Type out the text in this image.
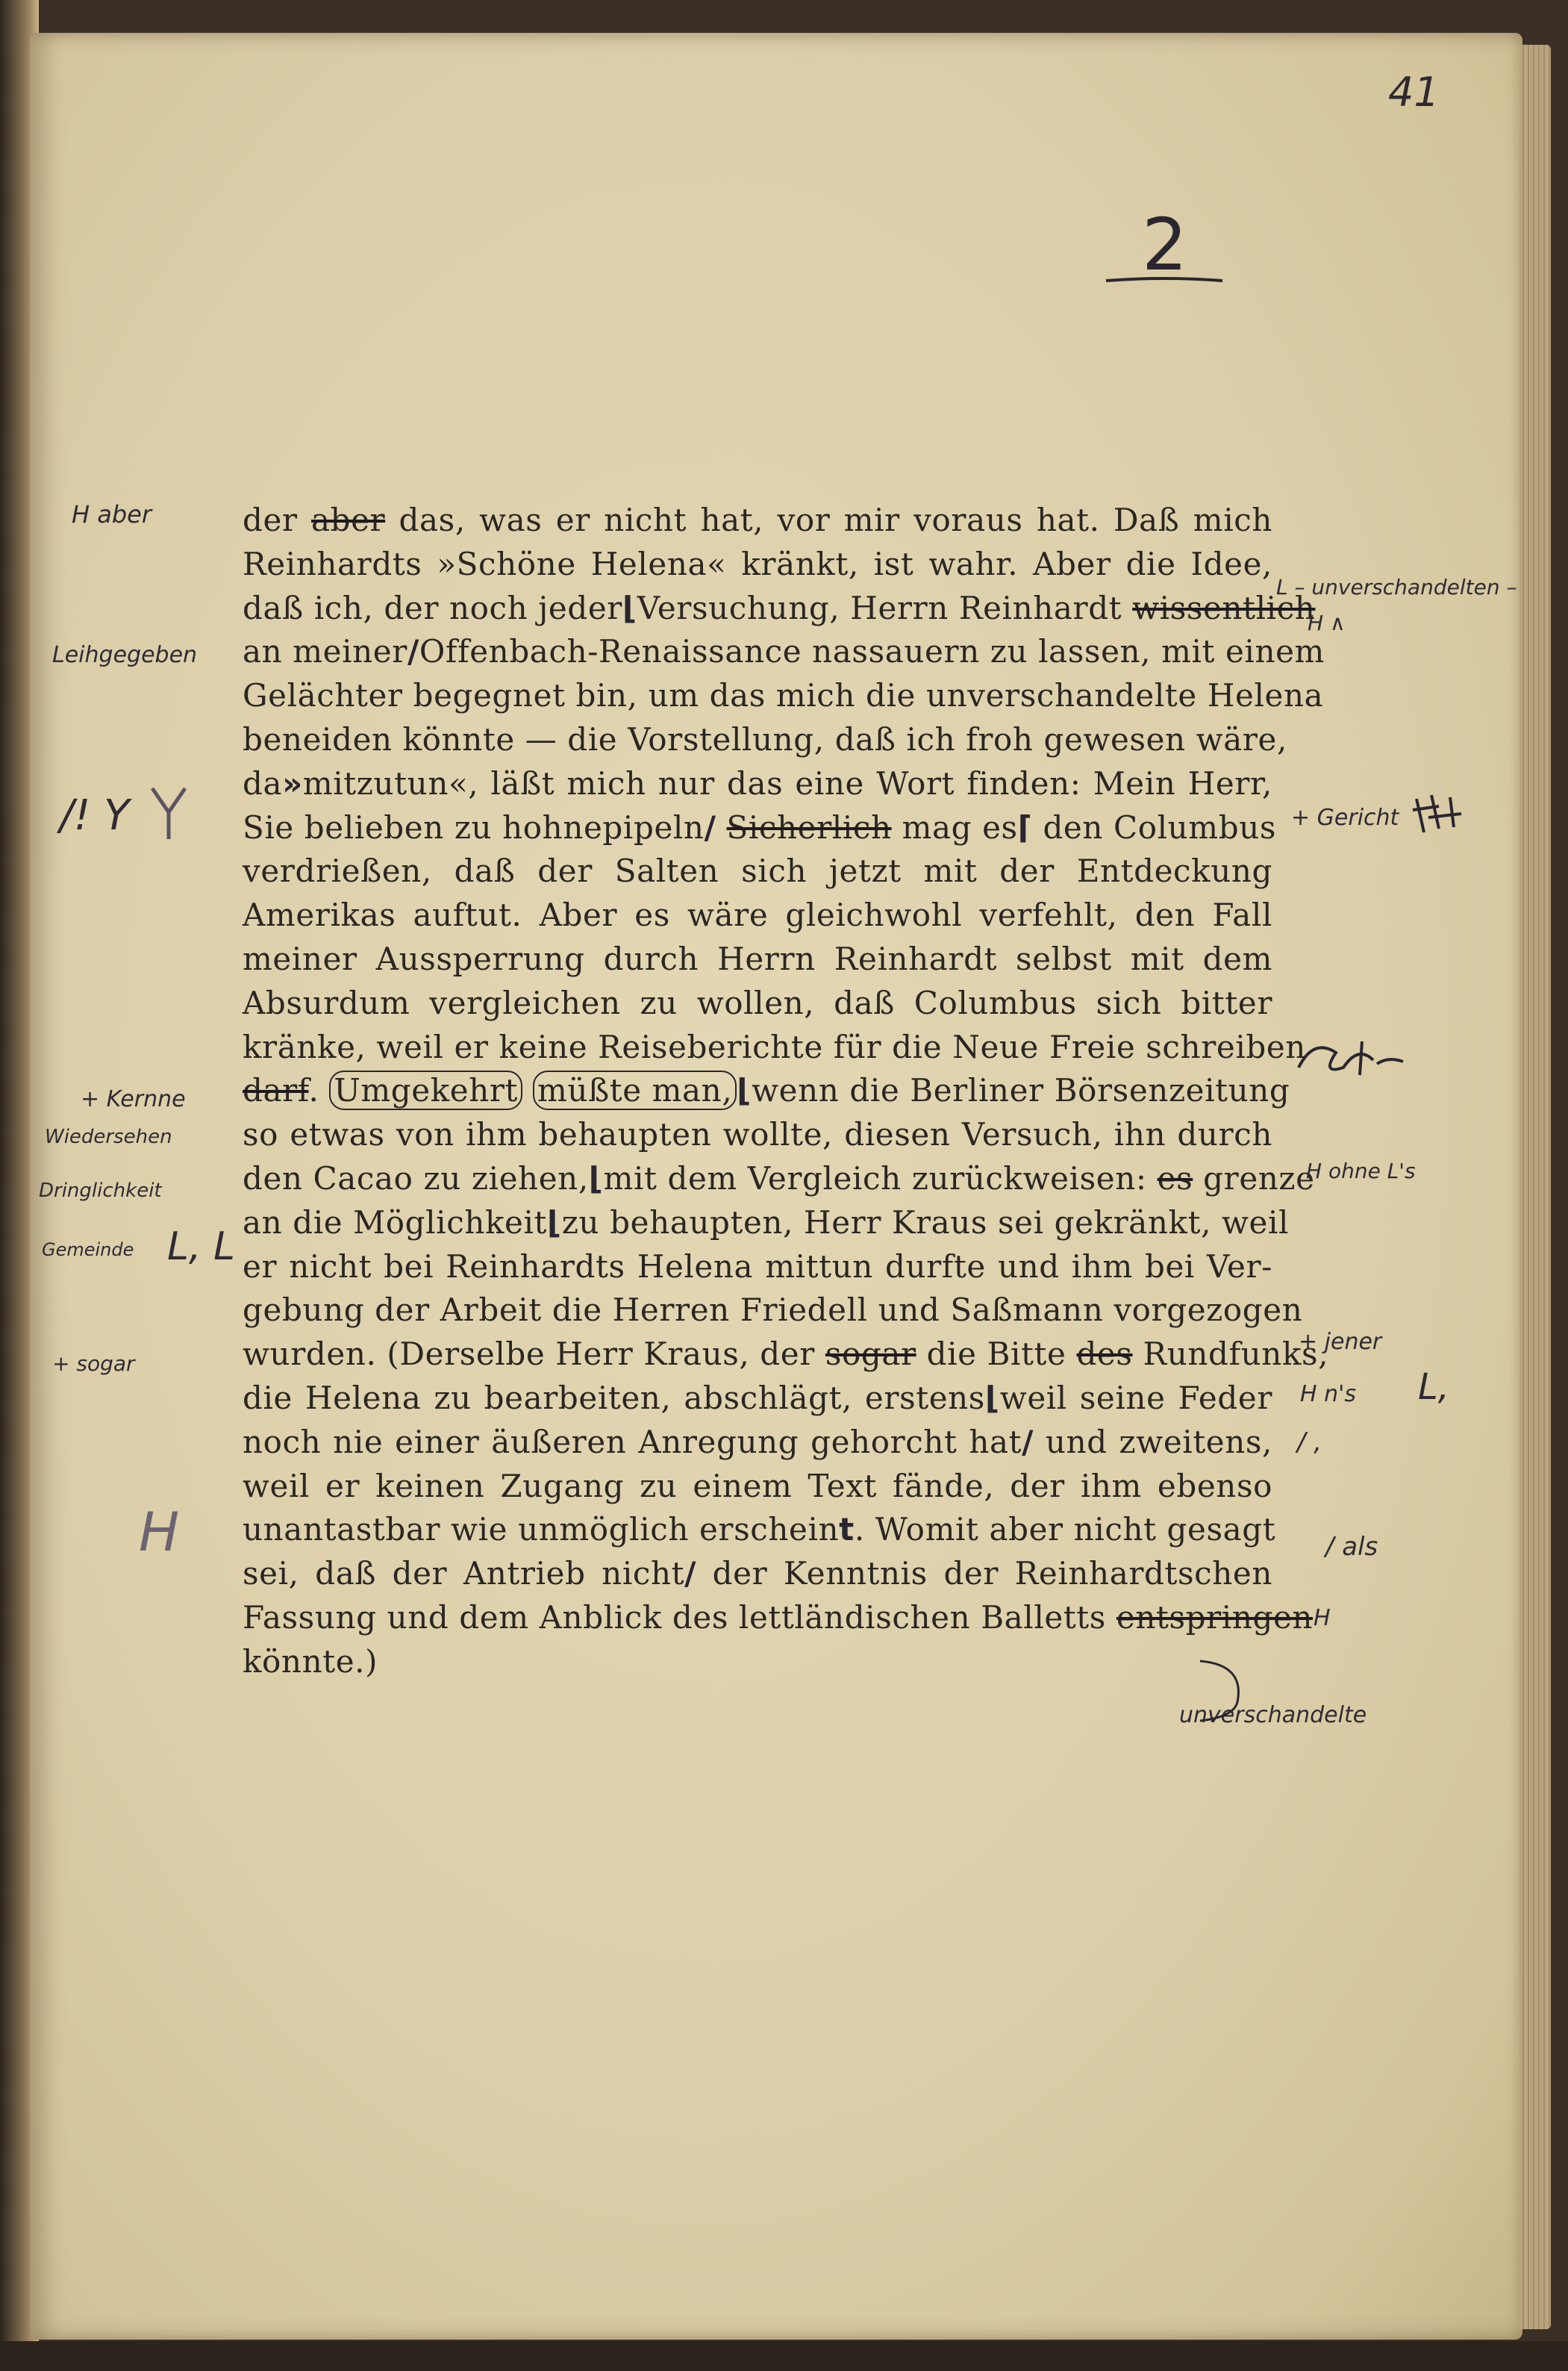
41
2
der aber das, was er nicht hat, vor mir voraus hat. Daß mich
Reinhardts »Schöne Helena« kränkt, ist wahr. Aber die Idee,
daß ich, der noch jeder⌊Versuchung, Herrn Reinhardt wissentlich
an meiner/Offenbach-Renaissance nassauern zu lassen, mit einem
Gelächter begegnet bin, um das mich die unverschandelte Helena
beneiden könnte — die Vorstellung, daß ich froh gewesen wäre,
da»mitzutun«, läßt mich nur das eine Wort finden: Mein Herr,
Sie belieben zu hohnepipeln/ Sicherlich mag es⌈ den Columbus
verdrießen, daß der Salten sich jetzt mit der Entdeckung
Amerikas auftut. Aber es wäre gleichwohl verfehlt, den Fall
meiner Aussperrung durch Herrn Reinhardt selbst mit dem
Absurdum vergleichen zu wollen, daß Columbus sich bitter
kränke, weil er keine Reiseberichte für die Neue Freie schreiben
darf. Umgekehrt müßte man, ⌊wenn die Berliner Börsenzeitung
so etwas von ihm behaupten wollte, diesen Versuch, ihn durch
den Cacao zu ziehen,⌊mit dem Vergleich zurückweisen: es grenze
an die Möglichkeit⌊zu behaupten, Herr Kraus sei gekränkt, weil
er nicht bei Reinhardts Helena mittun durfte und ihm bei Ver-
gebung der Arbeit die Herren Friedell und Saßmann vorgezogen
wurden. (Derselbe Herr Kraus, der sogar die Bitte des Rundfunks,
die Helena zu bearbeiten, abschlägt, erstens⌊weil seine Feder
noch nie einer äußeren Anregung gehorcht hat/ und zweitens,
weil er keinen Zugang zu einem Text fände, der ihm ebenso
unantastbar wie unmöglich erscheint. Womit aber nicht gesagt
sei, daß der Antrieb nicht/ der Kenntnis der Reinhardtschen
Fassung und dem Anblick des lettländischen Balletts entspringen
könnte.)
H aber
Leihgegeben
/! Y
+ Kernne
Wiedersehen
Dringlichkeit
Gemeinde L, L
+ sogar
H
L – unverschandelten –
H ∧
+ Gericht
H ohne L's
+ jener
H n's L,
/ ,
/ als
H
unverschandelte
